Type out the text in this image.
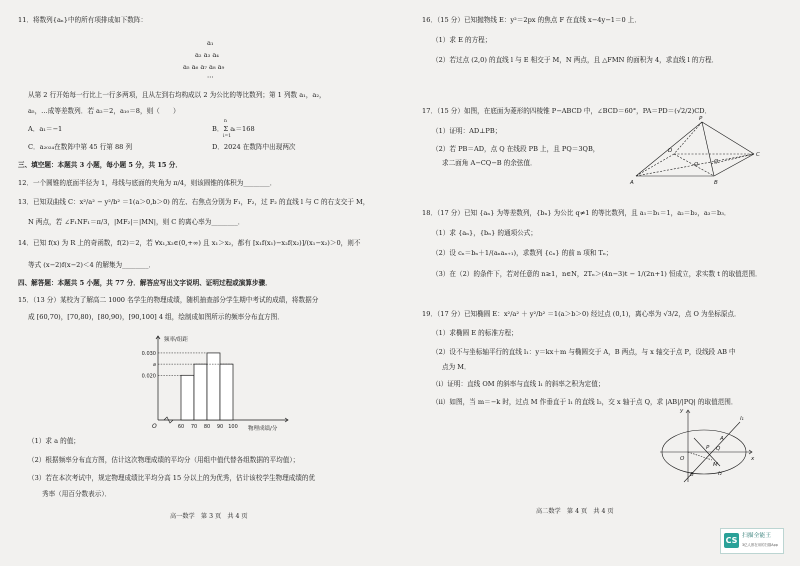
11．将数列{aₙ}中的所有项排成如下数阵：
a₁
a₂ a₃ a₄
a₅ a₆ a₇ a₈ a₉
⋯
从第 2 行开始每一行比上一行多两项，且从左到右均构成以 2 为公比的等比数列；第 1 列数 a₁，a₂，
a₅，…成等差数列．若 a₂＝2，a₁₀＝8，则（　　）
A．a₁＝−1	B．Σ aᵢ＝168
n
i=1
C．a₂₀₂₄在数阵中第 45 行第 88 列	D．2024 在数阵中出现两次
三、填空题：本题共 3 小题，每小题 5 分，共 15 分．
12．一个圆锥的底面半径为 1，母线与底面的夹角为 π/4，则该圆锥的体积为________．
13．已知双曲线 C：x²/a² − y²/b² ＝1(a＞0,b＞0) 的左、右焦点分别为 F₁，F₂，过 F₂ 的直线 l 与 C 的右支交于 M，
N 两点，若 ∠F₁NF₁＝π/3，|MF₂|＝|MN|，则 C 的离心率为________．
14．已知 f(x) 为 R 上的奇函数，f(2)＝2，若 ∀x₁,x₂∈(0,+∞) 且 x₁＞x₂，都有 [x₁f(x₁)−x₂f(x₂)]/(x₁−x₂)＞0，则不
等式 (x−2)f(x−2)＜4 的解集为________．
四、解答题：本题共 5 小题，共 77 分．解答应写出文字说明、证明过程或演算步骤．
15．（13 分）某校为了解高二 1000 名学生的物理成绩，随机抽查部分学生期中考试的成绩，将数据分
成 [60,70)，[70,80)，[80,90)，[90,100] 4 组，绘制成如图所示的频率分布直方图．
频率/组距
物理成绩/分
O
0.030
a
0.020
60 70 80 90 100
（1）求 a 的值；
（2）根据频率分布直方图，估计这次物理成绩的平均分（用组中值代替各组数据的平均值）；
（3）若在本次考试中，规定物理成绩比平均分高 15 分以上的为优秀，估计该校学生物理成绩的优
秀率（用百分数表示）．
高一数学　第 3 页　共 4 页
16．（15 分）已知抛物线 E：y²＝2px 的焦点 F 在直线 x−4y−1＝0 上．
（1）求 E 的方程；
（2）若过点 (2,0) 的直线 l 与 E 相交于 M，N 两点，且 △FMN 的面积为 4，求直线 l 的方程．
17．（15 分）如图，在底面为菱形的四棱锥 P−ABCD 中，∠BCD＝60°，PA＝PD＝(√2/2)CD．
（1）证明：AD⊥PB；
（2）若 PB＝AD，点 Q 在线段 PB 上，且 PQ＝3QB，
求二面角 A−CQ−B 的余弦值．
P
D
C
A	B
O	Q
18．（17 分）已知 {aₙ} 为等差数列，{bₙ} 为公比 q≠1 的等比数列，且 a₁＝b₁＝1，a₂＝b₂，a₃＝b₃．
（1）求 {aₙ}，{bₙ} 的通项公式；
（2）设 cₙ＝bₙ＋1/(aₙaₙ₊₁)，求数列 {cₙ} 的前 n 项和 Tₙ；
（3）在（2）的条件下，若对任意的 n≥1，n∈N，2Tₙ＞(4n−3)t − 1/(2n+1) 恒成立，求实数 t 的取值范围．
19．（17 分）已知椭圆 E：x²/a² ＋ y²/b² ＝1(a＞b＞0) 经过点 (0,1)，离心率为 √3/2，点 O 为坐标原点．
（1）求椭圆 E 的标准方程；
（2）设不与坐标轴平行的直线 l₁：y＝kx＋m 与椭圆交于 A，B 两点，与 x 轴交于点 P，设线段 AB 中
点为 M．
（i）证明：直线 OM 的斜率与直线 l₁ 的斜率之积为定值；
（ii）如图，当 m＝−k 时，过点 M 作垂直于 l₁ 的直线 l₂，交 x 轴于点 Q，求 |AB|/|PQ| 的取值范围．
y
x
O
A
B
P Q
M
l₁
l₂
高二数学　第 4 页　共 4 页
CS 扫描全能王
3亿人都在用的扫描App
